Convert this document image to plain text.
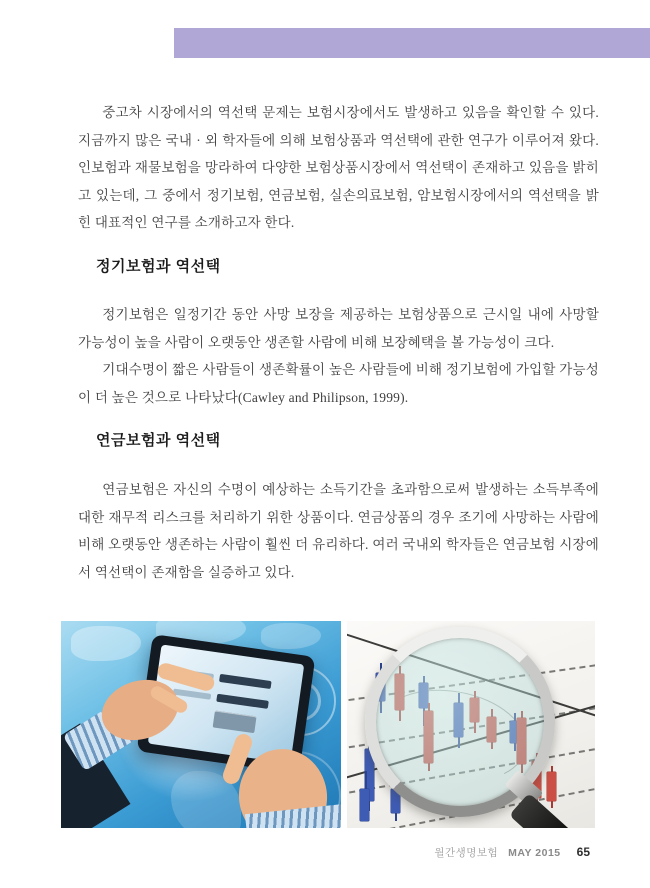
중고차 시장에서의 역선택 문제는 보험시장에서도 발생하고 있음을 확인할 수 있다. 지금까지 많은 국내 · 외 학자들에 의해 보험상품과 역선택에 관한 연구가 이루어져 왔다. 인보험과 재물보험을 망라하여 다양한 보험상품시장에서 역선택이 존재하고 있음을 밝히고 있는데, 그 중에서 정기보험, 연금보험, 실손의료보험, 암보험시장에서의 역선택을 밝힌 대표적인 연구를 소개하고자 한다.

정기보험과 역선택

정기보험은 일정기간 동안 사망 보장을 제공하는 보험상품으로 근시일 내에 사망할 가능성이 높을 사람이 오랫동안 생존할 사람에 비해 보장혜택을 볼 가능성이 크다.

기대수명이 짧은 사람들이 생존확률이 높은 사람들에 비해 정기보험에 가입할 가능성이 더 높은 것으로 나타났다(Cawley and Philipson, 1999).

연금보험과 역선택

연금보험은 자신의 수명이 예상하는 소득기간을 초과함으로써 발생하는 소득부족에 대한 재무적 리스크를 처리하기 위한 상품이다. 연금상품의 경우 조기에 사망하는 사람에 비해 오랫동안 생존하는 사람이 훨씬 더 유리하다. 여러 국내외 학자들은 연금보험 시장에서 역선택이 존재함을 실증하고 있다.

월간생명보험 MAY 2015 65
